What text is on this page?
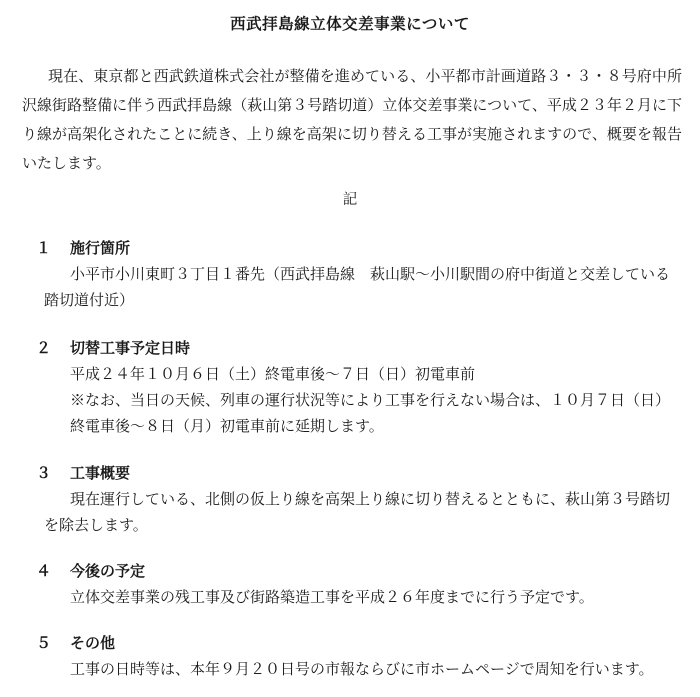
西武拝島線立体交差事業について
現在、東京都と西武鉄道株式会社が整備を進めている、小平都市計画道路３・３・８号府中所沢線街路整備に伴う西武拝島線（萩山第３号踏切道）立体交差事業について、平成２３年２月に下り線が高架化されたことに続き、上り線を高架に切り替える工事が実施されますので、概要を報告いたします。
記
１ 施行箇所
小平市小川東町３丁目１番先（西武拝島線　萩山駅～小川駅間の府中街道と交差している踏切道付近）
２ 切替工事予定日時
平成２４年１０月６日（土）終電車後～７日（日）初電車前
※なお、当日の天候、列車の運行状況等により工事を行えない場合は、１０月７日（日）終電車後～８日（月）初電車前に延期します。
３ 工事概要
現在運行している、北側の仮上り線を高架上り線に切り替えるとともに、萩山第３号踏切を除去します。
４ 今後の予定
立体交差事業の残工事及び街路築造工事を平成２６年度までに行う予定です。
５ その他
工事の日時等は、本年９月２０日号の市報ならびに市ホームページで周知を行います。
